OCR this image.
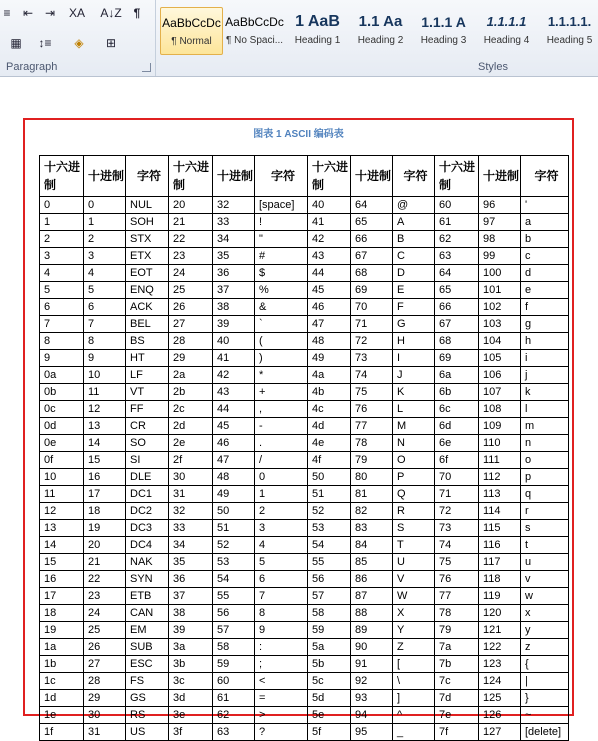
≡	⇤ ⇥	XA	A↓Z ¶
▦	↕≡	◈	⊞
Paragraph
AaBbCcDc
¶ Normal
AaBbCcDc
¶ No Spaci...
1 AaB
Heading 1
1.1 Aa
Heading 2
1.1.1 A
Heading 3
1.1.1.1
Heading 4
1.1.1.1.
Heading 5
Styles
图表 1 ASCII 编码表
十六进制	十进制	字符	十六进制	十进制	字符	十六进制	十进制	字符	十六进制	十进制	字符
0	0	NUL	20	32	[space]	40	64	@	60	96	'
1	1	SOH	21	33	!	41	65	A	61	97	a
2	2	STX	22	34	"	42	66	B	62	98	b
3	3	ETX	23	35	#	43	67	C	63	99	c
4	4	EOT	24	36	$	44	68	D	64	100	d
5	5	ENQ	25	37	%	45	69	E	65	101	e
6	6	ACK	26	38	&	46	70	F	66	102	f
7	7	BEL	27	39	`	47	71	G	67	103	g
8	8	BS	28	40	(	48	72	H	68	104	h
9	9	HT	29	41	)	49	73	I	69	105	i
0a	10	LF	2a	42	*	4a	74	J	6a	106	j
0b	11	VT	2b	43	+	4b	75	K	6b	107	k
0c	12	FF	2c	44	,	4c	76	L	6c	108	l
0d	13	CR	2d	45	-	4d	77	M	6d	109	m
0e	14	SO	2e	46	.	4e	78	N	6e	110	n
0f	15	SI	2f	47	/	4f	79	O	6f	111	o
10	16	DLE	30	48	0	50	80	P	70	112	p
11	17	DC1	31	49	1	51	81	Q	71	113	q
12	18	DC2	32	50	2	52	82	R	72	114	r
13	19	DC3	33	51	3	53	83	S	73	115	s
14	20	DC4	34	52	4	54	84	T	74	116	t
15	21	NAK	35	53	5	55	85	U	75	117	u
16	22	SYN	36	54	6	56	86	V	76	118	v
17	23	ETB	37	55	7	57	87	W	77	119	w
18	24	CAN	38	56	8	58	88	X	78	120	x
19	25	EM	39	57	9	59	89	Y	79	121	y
1a	26	SUB	3a	58	:	5a	90	Z	7a	122	z
1b	27	ESC	3b	59	;	5b	91	[	7b	123	{
1c	28	FS	3c	60	<	5c	92	\	7c	124	|
1d	29	GS	3d	61	=	5d	93	]	7d	125	}
1e	30	RS	3e	62	>	5e	94	^	7e	126	~
1f	31	US	3f	63	?	5f	95	_	7f	127	[delete]
